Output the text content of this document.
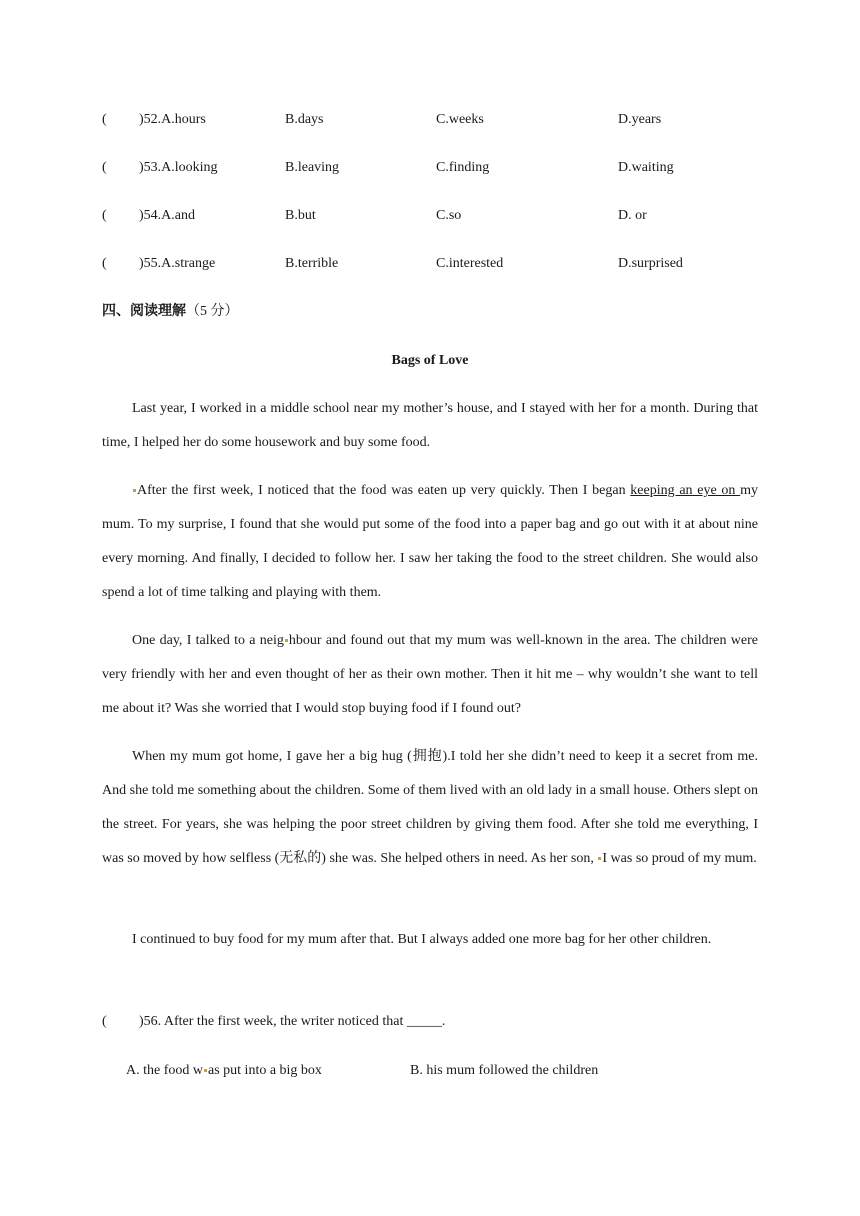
( )52.A.hours	B.days	C.weeks	D.years
( )53.A.looking	B.leaving	C.finding	D.waiting
( )54.A.and	B.but	C.so	D. or
( )55.A.strange	B.terrible	C.interested	D.surprised
四、阅读理解（5 分）
Bags of Love

Last year, I worked in a middle school near my mother’s house, and I stayed with her for a month. During that time, I helped her do some housework and buy some food.

After the first week, I noticed that the food was eaten up very quickly. Then I began keeping an eye on my mum. To my surprise, I found that she would put some of the food into a paper bag and go out with it at about nine every morning. And finally, I decided to follow her. I saw her taking the food to the street children. She would also spend a lot of time talking and playing with them.

One day, I talked to a neig hbour and found out that my mum was well-known in the area. The children were very friendly with her and even thought of her as their own mother. Then it hit me – why wouldn’t she want to tell me about it? Was she worried that I would stop buying food if I found out?

When my mum got home, I gave her a big hug (拥抱).I told her she didn’t need to keep it a secret from me. And she told me something about the children. Some of them lived with an old lady in a small house. Others slept on the street. For years, she was helping the poor street children by giving them food. After she told me everything, I was so moved by how selfless (无私的) she was. She helped others in need. As her son, I was so proud of my mum.

I continued to buy food for my mum after that. But I always added one more bag for her other children.

( )56. After the first week, the writer noticed that _____.
A. the food w as put into a big box	B. his mum followed the children
